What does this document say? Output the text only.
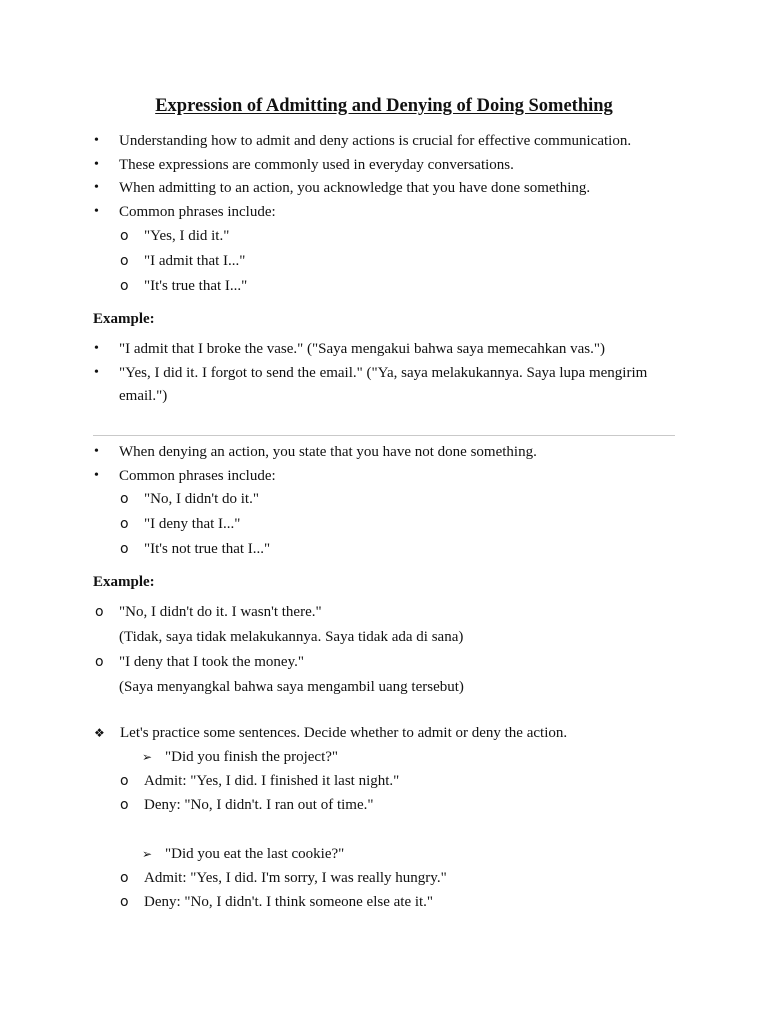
Expression of Admitting and Denying of Doing Something
• Understanding how to admit and deny actions is crucial for effective communication.
• These expressions are commonly used in everyday conversations.
• When admitting to an action, you acknowledge that you have done something.
• Common phrases include:
o "Yes, I did it."
o "I admit that I..."
o "It's true that I..."
Example:
• "I admit that I broke the vase." ("Saya mengakui bahwa saya memecahkan vas.")
• "Yes, I did it. I forgot to send the email." ("Ya, saya melakukannya. Saya lupa mengirim
email.")
• When denying an action, you state that you have not done something.
• Common phrases include:
o "No, I didn't do it."
o "I deny that I..."
o "It's not true that I..."
Example:
o "No, I didn't do it. I wasn't there."
(Tidak, saya tidak melakukannya. Saya tidak ada di sana)
o "I deny that I took the money."
(Saya menyangkal bahwa saya mengambil uang tersebut)
❖ Let's practice some sentences. Decide whether to admit or deny the action.
➢ "Did you finish the project?"
o Admit: "Yes, I did. I finished it last night."
o Deny: "No, I didn't. I ran out of time."
➢ "Did you eat the last cookie?"
o Admit: "Yes, I did. I'm sorry, I was really hungry."
o Deny: "No, I didn't. I think someone else ate it."
